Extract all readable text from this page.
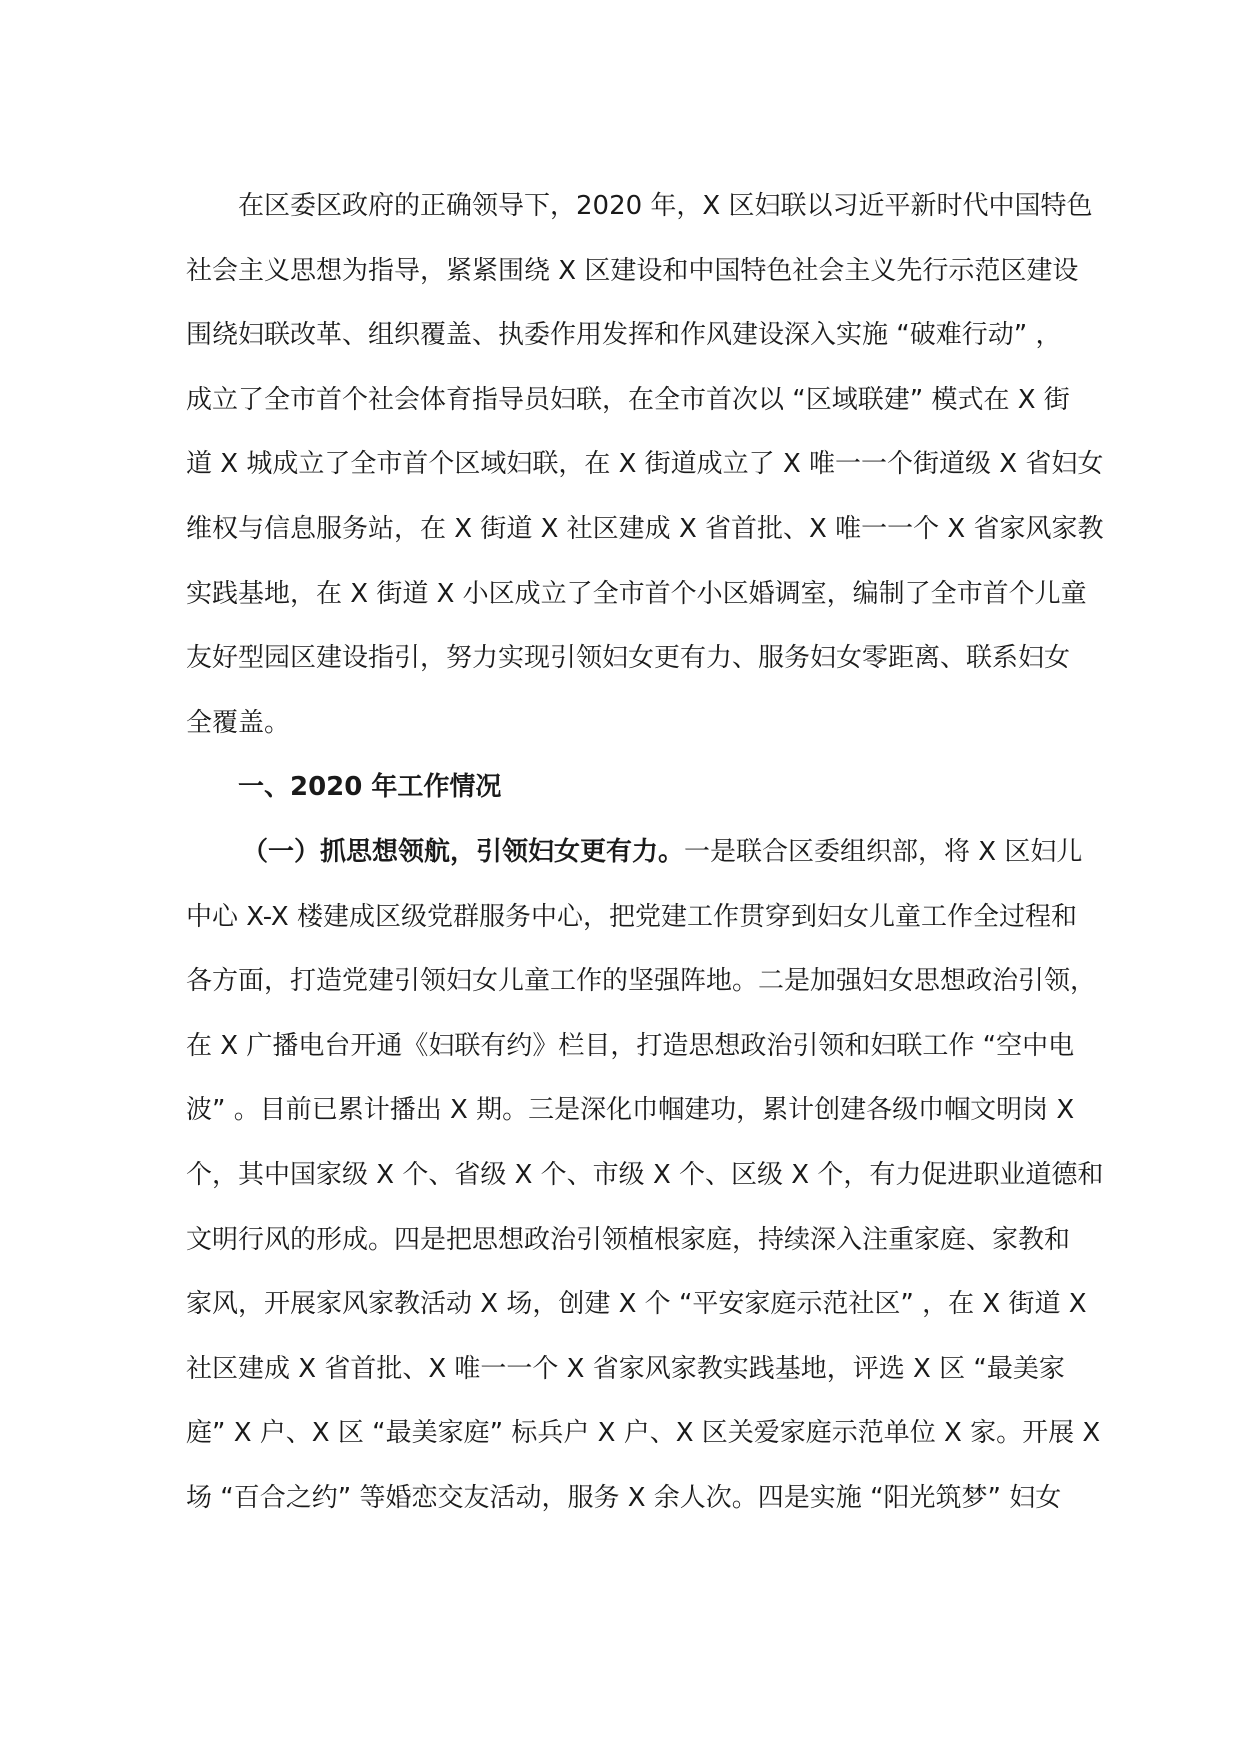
在区委区政府的正确领导下，2020 年，X 区妇联以习近平新时代中国特色
社会主义思想为指导，紧紧围绕 X 区建设和中国特色社会主义先行示范区建设
围绕妇联改革、组织覆盖、执委作用发挥和作风建设深入实施 “破难行动” ，
成立了全市首个社会体育指导员妇联，在全市首次以 “区域联建” 模式在 X 街
道 X 城成立了全市首个区域妇联，在 X 街道成立了 X 唯一一个街道级 X 省妇女
维权与信息服务站，在 X 街道 X 社区建成 X 省首批、X 唯一一个 X 省家风家教
实践基地，在 X 街道 X 小区成立了全市首个小区婚调室，编制了全市首个儿童
友好型园区建设指引，努力实现引领妇女更有力、服务妇女零距离、联系妇女
全覆盖。
一、2020 年工作情况
（一）抓思想领航，引领妇女更有力。一是联合区委组织部，将 X 区妇儿
中心 X-X 楼建成区级党群服务中心，把党建工作贯穿到妇女儿童工作全过程和
各方面，打造党建引领妇女儿童工作的坚强阵地。二是加强妇女思想政治引领，
在 X 广播电台开通《妇联有约》栏目，打造思想政治引领和妇联工作 “空中电
波” 。目前已累计播出 X 期。三是深化巾帼建功，累计创建各级巾帼文明岗 X
个，其中国家级 X 个、省级 X 个、市级 X 个、区级 X 个，有力促进职业道德和
文明行风的形成。四是把思想政治引领植根家庭，持续深入注重家庭、家教和
家风，开展家风家教活动 X 场，创建 X 个 “平安家庭示范社区” ，在 X 街道 X
社区建成 X 省首批、X 唯一一个 X 省家风家教实践基地，评选 X 区 “最美家
庭” X 户、X 区 “最美家庭” 标兵户 X 户、X 区关爱家庭示范单位 X 家。开展 X
场 “百合之约” 等婚恋交友活动，服务 X 余人次。四是实施 “阳光筑梦” 妇女
